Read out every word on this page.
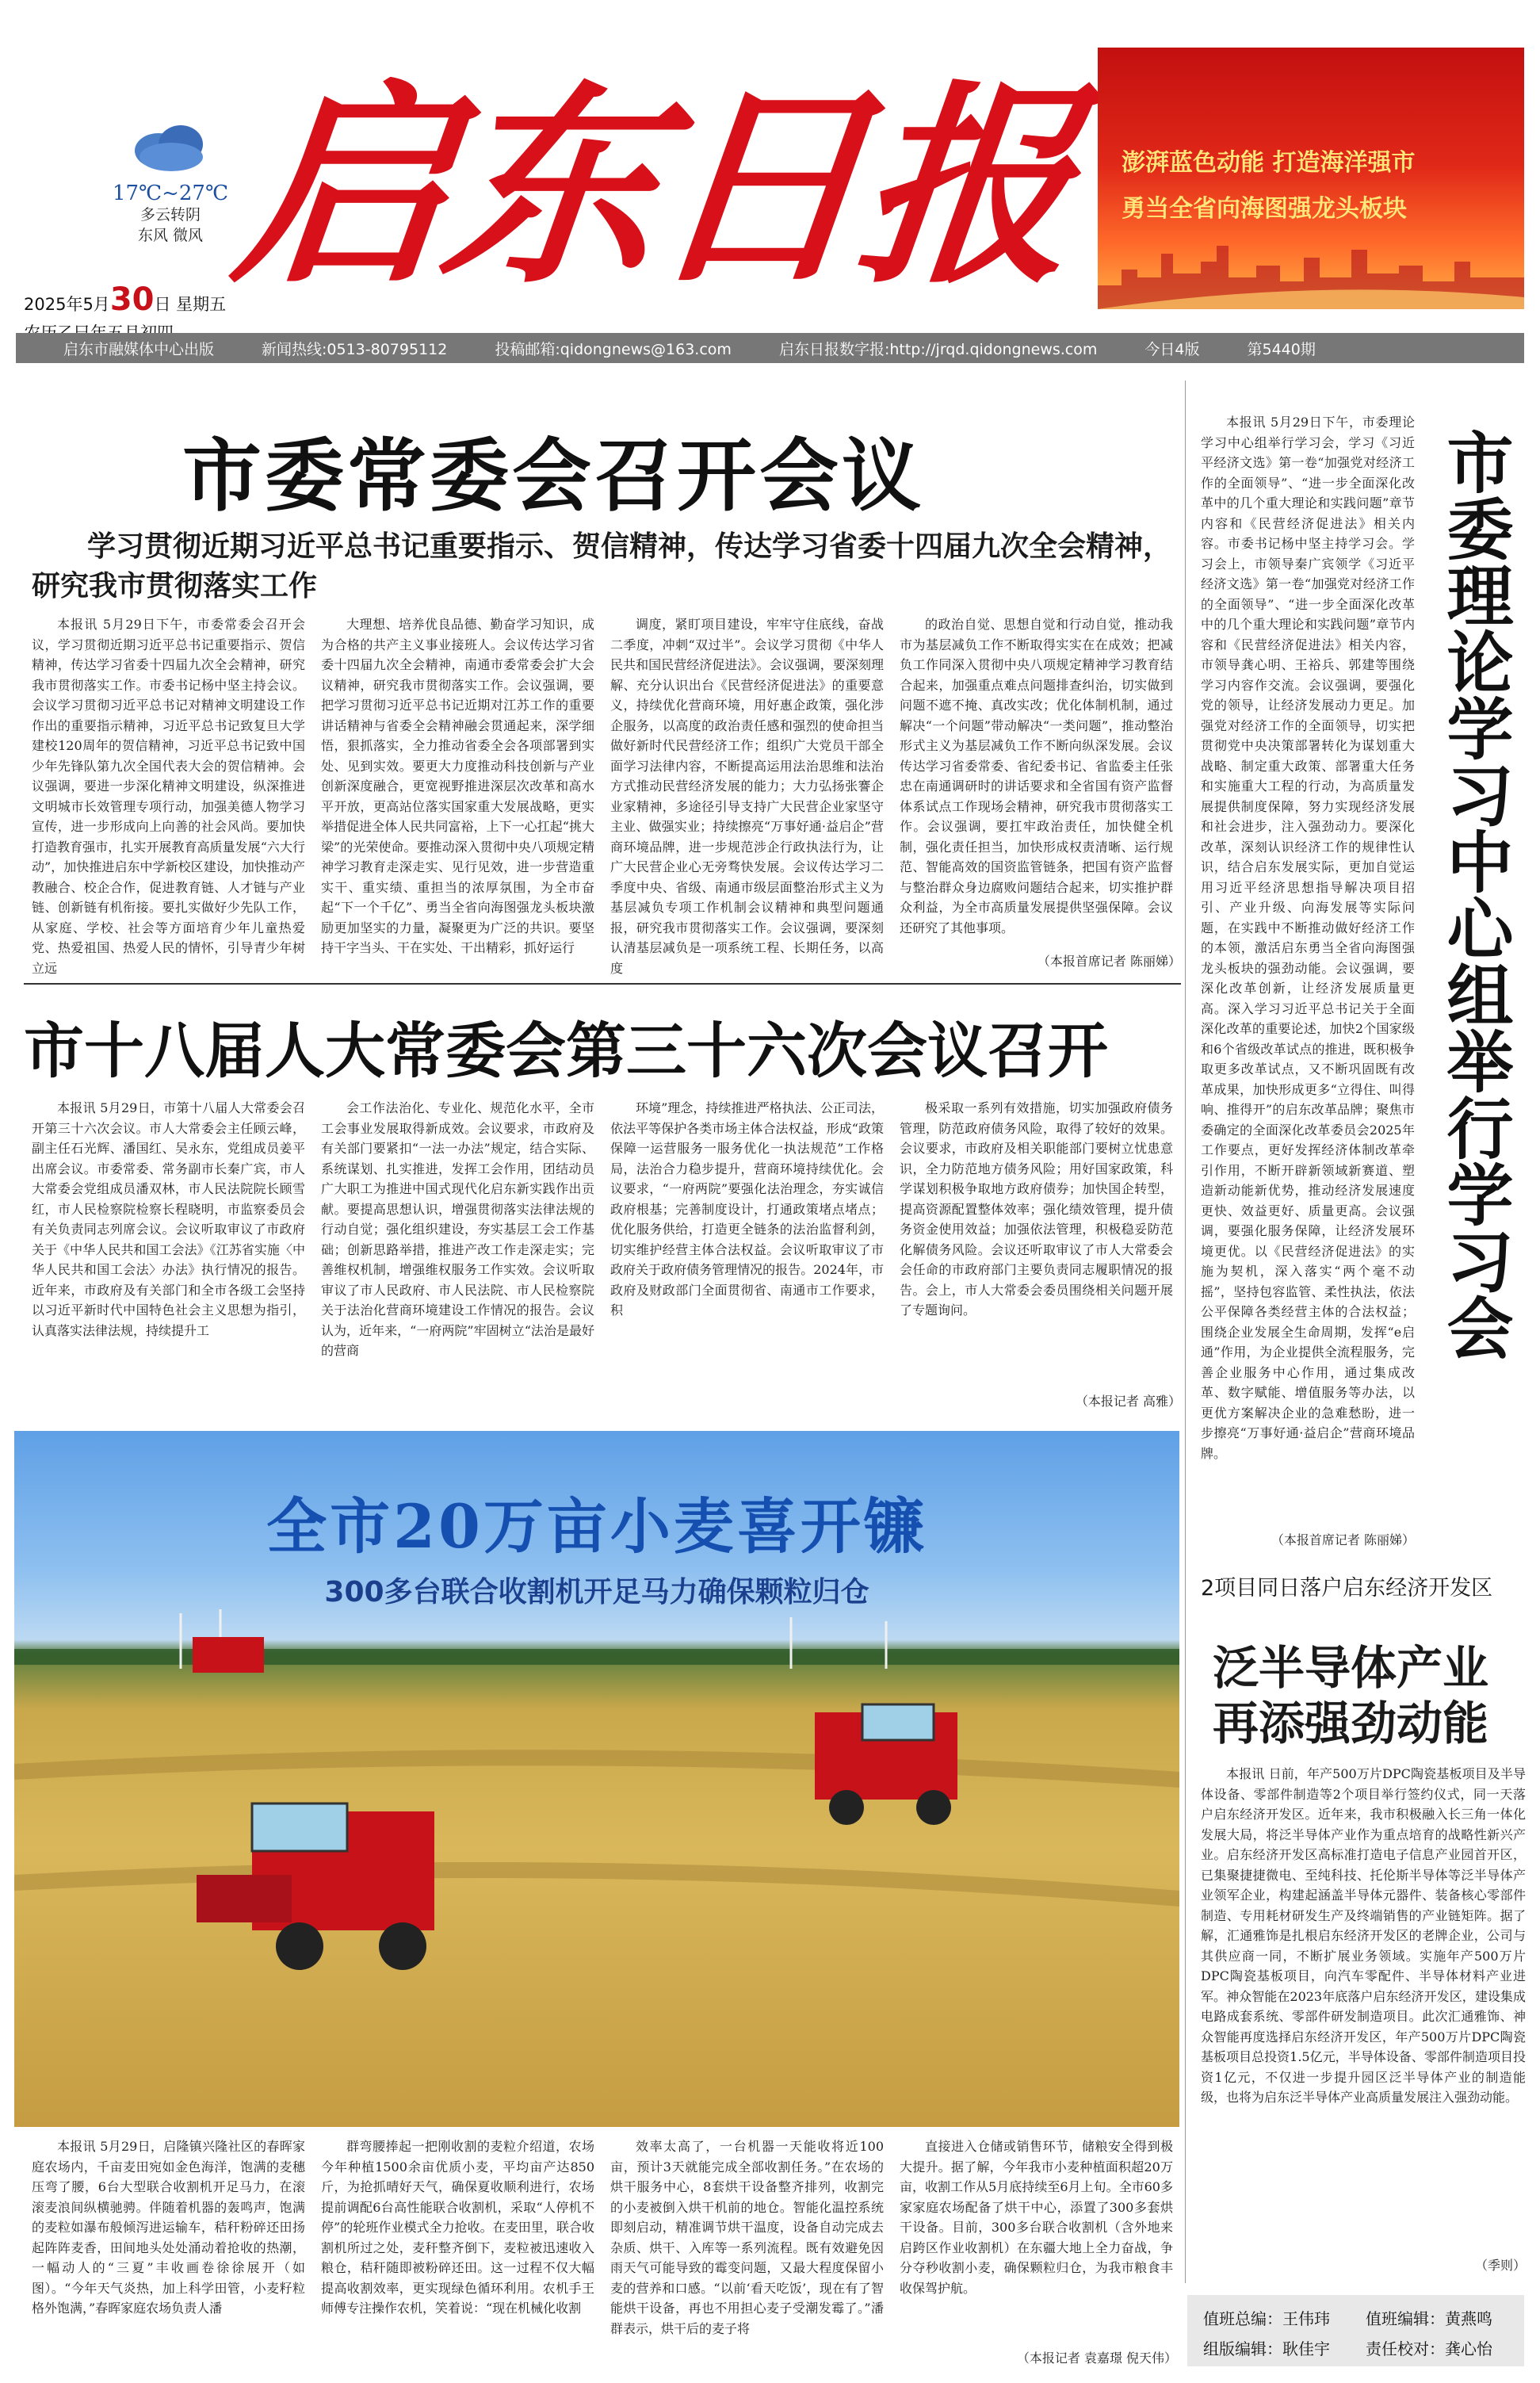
17℃~27℃
多云转阴
东风 微风 启东日报
2025年5月30日 星期五

澎湃蓝色动能 打造海洋强市
勇当全省向海图强龙头板块
启东市融媒体中心出版	新闻热线:0513-80795112	投稿邮箱:qidongnews@163.com	启东日报数字报:http://jrqd.qidongnews.com	今日4版	第5440期
市委常委会召开会议
学习贯彻近期习近平总书记重要指示、贺信精神，传达学习省委十四届九次全会精神，研究我市贯彻落实工作

本报讯 5月29日下午，市委常委会召开会议，学习贯彻近期习近平总书记重要指示、贺信精神，传达学习省委十四届九次全会精神，研究我市贯彻落实工作。市委书记杨中坚主持会议。会议学习贯彻习近平总书记对精神文明建设工作作出的重要指示精神，习近平总书记致复旦大学建校120周年的贺信精神，习近平总书记致中国少年先锋队第九次全国代表大会的贺信精神。会议强调，要进一步深化精神文明建设，纵深推进文明城市长效管理专项行动，加强美德人物学习宣传，进一步形成向上向善的社会风尚。要加快打造教育强市，扎实开展教育高质量发展“六大行动”，加快推进启东中学新校区建设，加快推动产教融合、校企合作，促进教育链、人才链与产业链、创新链有机衔接。要扎实做好少先队工作，从家庭、学校、社会等方面培育少年儿童热爱党、热爱祖国、热爱人民的情怀，引导青少年树立远

大理想、培养优良品德、勤奋学习知识，成为合格的共产主义事业接班人。会议传达学习省委十四届九次全会精神，南通市委常委会扩大会议精神，研究我市贯彻落实工作。会议强调，要把学习贯彻习近平总书记近期对江苏工作的重要讲话精神与省委全会精神融会贯通起来，深学细悟，狠抓落实，全力推动省委全会各项部署到实处、见到实效。要更大力度推动科技创新与产业创新深度融合，更宽视野推进深层次改革和高水平开放，更高站位落实国家重大发展战略，更实举措促进全体人民共同富裕，上下一心扛起“挑大梁”的光荣使命。要推动深入贯彻中央八项规定精神学习教育走深走实、见行见效，进一步营造重实干、重实绩、重担当的浓厚氛围，为全市奋起“下一个千亿”、勇当全省向海图强龙头板块激励更加坚实的力量，凝聚更为广泛的共识。要坚持干字当头、干在实处、干出精彩，抓好运行

调度，紧盯项目建设，牢牢守住底线，奋战二季度，冲刺“双过半”。会议学习贯彻《中华人民共和国民营经济促进法》。会议强调，要深刻理解、充分认识出台《民营经济促进法》的重要意义，持续优化营商环境，用好惠企政策，强化涉企服务，以高度的政治责任感和强烈的使命担当做好新时代民营经济工作；组织广大党员干部全面学习法律内容，不断提高运用法治思维和法治方式推动民营经济发展的能力；大力弘扬张謇企业家精神，多途径引导支持广大民营企业家坚守主业、做强实业；持续擦亮“万事好通·益启企”营商环境品牌，进一步规范涉企行政执法行为，让广大民营企业心无旁骛快发展。会议传达学习二季度中央、省级、南通市级层面整治形式主义为基层减负专项工作机制会议精神和典型问题通报，研究我市贯彻落实工作。会议强调，要深刻认清基层减负是一项系统工程、长期任务，以高度

的政治自觉、思想自觉和行动自觉，推动我市为基层减负工作不断取得实实在在成效；把减负工作同深入贯彻中央八项规定精神学习教育结合起来，加强重点难点问题排查纠治，切实做到问题不遮不掩、真改实改；优化体制机制，通过解决“一个问题”带动解决“一类问题”，推动整治形式主义为基层减负工作不断向纵深发展。会议传达学习省委常委、省纪委书记、省监委主任张忠在南通调研时的讲话要求和全省国有资产监督体系试点工作现场会精神，研究我市贯彻落实工作。会议强调，要扛牢政治责任，加快健全机制，强化责任担当，加快形成权责清晰、运行规范、智能高效的国资监管链条，把国有资产监督与整治群众身边腐败问题结合起来，切实推护群众利益，为全市高质量发展提供坚强保障。会议还研究了其他事项。

（本报首席记者 陈丽娣）
市十八届人大常委会第三十六次会议召开

本报讯 5月29日，市第十八届人大常委会召开第三十六次会议。市人大常委会主任顾云峰，副主任石光辉、潘国红、吴永东，党组成员姜平出席会议。市委常委、常务副市长秦广宾，市人大常委会党组成员潘双林，市人民法院院长顾雪红，市人民检察院检察长程晓明，市监察委员会有关负责同志列席会议。会议听取审议了市政府关于《中华人民共和国工会法》《江苏省实施〈中华人民共和国工会法〉办法》执行情况的报告。近年来，市政府及有关部门和全市各级工会坚持以习近平新时代中国特色社会主义思想为指引，认真落实法律法规，持续提升工

会工作法治化、专业化、规范化水平，全市工会事业发展取得新成效。会议要求，市政府及有关部门要紧扣“一法一办法”规定，结合实际、系统谋划、扎实推进，发挥工会作用，团结动员广大职工为推进中国式现代化启东新实践作出贡献。要提高思想认识，增强贯彻落实法律法规的行动自觉；强化组织建设，夯实基层工会工作基础；创新思路举措，推进产改工作走深走实；完善维权机制，增强维权服务工作实效。会议听取审议了市人民政府、市人民法院、市人民检察院关于法治化营商环境建设工作情况的报告。会议认为，近年来，“一府两院”牢固树立“法治是最好的营商

环境”理念，持续推进严格执法、公正司法，依法平等保护各类市场主体合法权益，形成“政策保障一运营服务一服务优化一执法规范”工作格局，法治合力稳步提升，营商环境持续优化。会议要求，“一府两院”要强化法治理念，夯实诚信政府根基；完善制度设计，打通政策堵点堵点；优化服务供给，打造更全链条的法治监督利剑，切实维护经营主体合法权益。会议听取审议了市政府关于政府债务管理情况的报告。2024年，市政府及财政部门全面贯彻省、南通市工作要求，积

极采取一系列有效措施，切实加强政府债务管理，防范政府债务风险，取得了较好的效果。会议要求，市政府及相关职能部门要树立忧患意识，全力防范地方债务风险；用好国家政策，科学谋划积极争取地方政府债券；加快国企转型，提高资源配置整体效率；强化绩效管理，提升债务资金使用效益；加强依法管理，积极稳妥防范化解债务风险。会议还听取审议了市人大常委会会任命的市政府部门主要负责同志履职情况的报告。会上，市人大常委会委员围绕相关问题开展了专题询问。

（本报记者 高雅）
全市20万亩小麦喜开镰
300多台联合收割机开足马力确保颗粒归仓

本报讯 5月29日，启隆镇兴隆社区的春晖家庭农场内，千亩麦田宛如金色海洋，饱满的麦穗压弯了腰，6台大型联合收割机开足马力，在滚滚麦浪间纵横驰骋。伴随着机器的轰鸣声，饱满的麦粒如瀑布般倾泻进运输车，秸秆粉碎还田扬起阵阵麦香，田间地头处处涌动着抢收的热潮，一幅动人的“三夏”丰收画卷徐徐展开（如图）。“今年天气炎热，加上科学田管，小麦籽粒格外饱满，”春晖家庭农场负责人潘

群弯腰捧起一把刚收割的麦粒介绍道，农场今年种植1500余亩优质小麦，平均亩产达850斤，为抢抓晴好天气，确保夏收顺利进行，农场提前调配6台高性能联合收割机，采取“人停机不停”的轮班作业模式全力抢收。在麦田里，联合收割机所过之处，麦秆整齐倒下，麦粒被迅速收入粮仓，秸秆随即被粉碎还田。这一过程不仅大幅提高收割效率，更实现绿色循环利用。农机手王师傅专注操作农机，笑着说：“现在机械化收割

效率太高了，一台机器一天能收将近100亩，预计3天就能完成全部收割任务。”在农场的烘干服务中心，8套烘干设备整齐排列，收割完的小麦被倒入烘干机前的地仓。智能化温控系统即刻启动，精准调节烘干温度，设备自动完成去杂质、烘干、入库等一系列流程。既有效避免因雨天气可能导致的霉变问题，又最大程度保留小麦的营养和口感。“以前‘看天吃饭’，现在有了智能烘干设备，再也不用担心麦子受潮发霉了。”潘群表示，烘干后的麦子将

直接进入仓储或销售环节，储粮安全得到极大提升。据了解，今年我市小麦种植面积超20万亩，收割工作从5月底持续至6月上旬。全市60多家家庭农场配备了烘干中心，添置了300多套烘干设备。目前，300多台联合收割机（含外地来启跨区作业收割机）在东疆大地上全力奋战，争分夺秒收割小麦，确保颗粒归仓，为我市粮食丰收保驾护航。

（本报记者 袁嘉璟 倪天伟）

本报讯 5月29日下午，市委理论学习中心组举行学习会，学习《习近平经济文选》第一卷“加强党对经济工作的全面领导”、“进一步全面深化改革中的几个重大理论和实践问题”章节内容和《民营经济促进法》相关内容。市委书记杨中坚主持学习会。学习会上，市领导秦广宾领学《习近平经济文选》第一卷“加强党对经济工作的全面领导”、“进一步全面深化改革中的几个重大理论和实践问题”章节内容和《民营经济促进法》相关内容，市领导龚心明、王裕兵、郭建等围绕学习内容作交流。会议强调，要强化党的领导，让经济发展动力更足。加强党对经济工作的全面领导，切实把贯彻党中央决策部署转化为谋划重大战略、制定重大政策、部署重大任务和实施重大工程的行动，为高质量发展提供制度保障，努力实现经济发展和社会进步，注入强劲动力。要深化改革，深刻认识经济工作的规律性认识，结合启东发展实际，更加自觉运用习近平经济思想指导解决项目招引、产业升级、向海发展等实际问题，在实践中不断推动做好经济工作的本领，激活启东勇当全省向海图强龙头板块的强劲动能。会议强调，要深化改革创新，让经济发展质量更高。深入学习习近平总书记关于全面深化改革的重要论述，加快2个国家级和6个省级改革试点的推进，既积极争取更多改革试点，又不断巩固既有改革成果，加快形成更多“立得住、叫得响、推得开”的启东改革品牌；聚焦市委确定的全面深化改革委员会2025年工作要点，更好发挥经济体制改革牵引作用，不断开辟新领域新赛道、塑造新动能新优势，推动经济发展速度更快、效益更好、质量更高。会议强调，要强化服务保障，让经济发展环境更优。以《民营经济促进法》的实施为契机，深入落实“两个毫不动摇”，坚持包容监管、柔性执法，依法公平保障各类经营主体的合法权益；围绕企业发展全生命周期，发挥“e启通”作用，为企业提供全流程服务，完善企业服务中心作用，通过集成改革、数字赋能、增值服务等办法，以更优方案解决企业的急难愁盼，进一步擦亮“万事好通·益启企”营商环境品牌。

（本报首席记者 陈丽娣）
市委理论学习中心组举行学习会
2项目同日落户启东经济开发区
泛半导体产业再添强劲动能

本报讯 日前，年产500万片DPC陶瓷基板项目及半导体设备、零部件制造等2个项目举行签约仪式，同一天落户启东经济开发区。近年来，我市积极融入长三角一体化发展大局，将泛半导体产业作为重点培育的战略性新兴产业。启东经济开发区高标准打造电子信息产业园首开区，已集聚捷捷微电、至纯科技、托伦斯半导体等泛半导体产业领军企业，构建起涵盖半导体元器件、装备核心零部件制造、专用耗材研发生产及终端销售的产业链矩阵。据了解，汇通雅饰是扎根启东经济开发区的老牌企业，公司与其供应商一同，不断扩展业务领域。实施年产500万片DPC陶瓷基板项目，向汽车零配件、半导体材料产业进军。神众智能在2023年底落户启东经济开发区，建设集成电路成套系统、零部件研发制造项目。此次汇通雅饰、神众智能再度选择启东经济开发区，年产500万片DPC陶瓷基板项目总投资1.5亿元，半导体设备、零部件制造项目投资1亿元，不仅进一步提升园区泛半导体产业的制造能级，也将为启东泛半导体产业高质量发展注入强劲动能。

（季则）
值班总编：王伟玮 值班编辑：黄燕鸣
组版编辑：耿佳宇 责任校对：龚心怡
